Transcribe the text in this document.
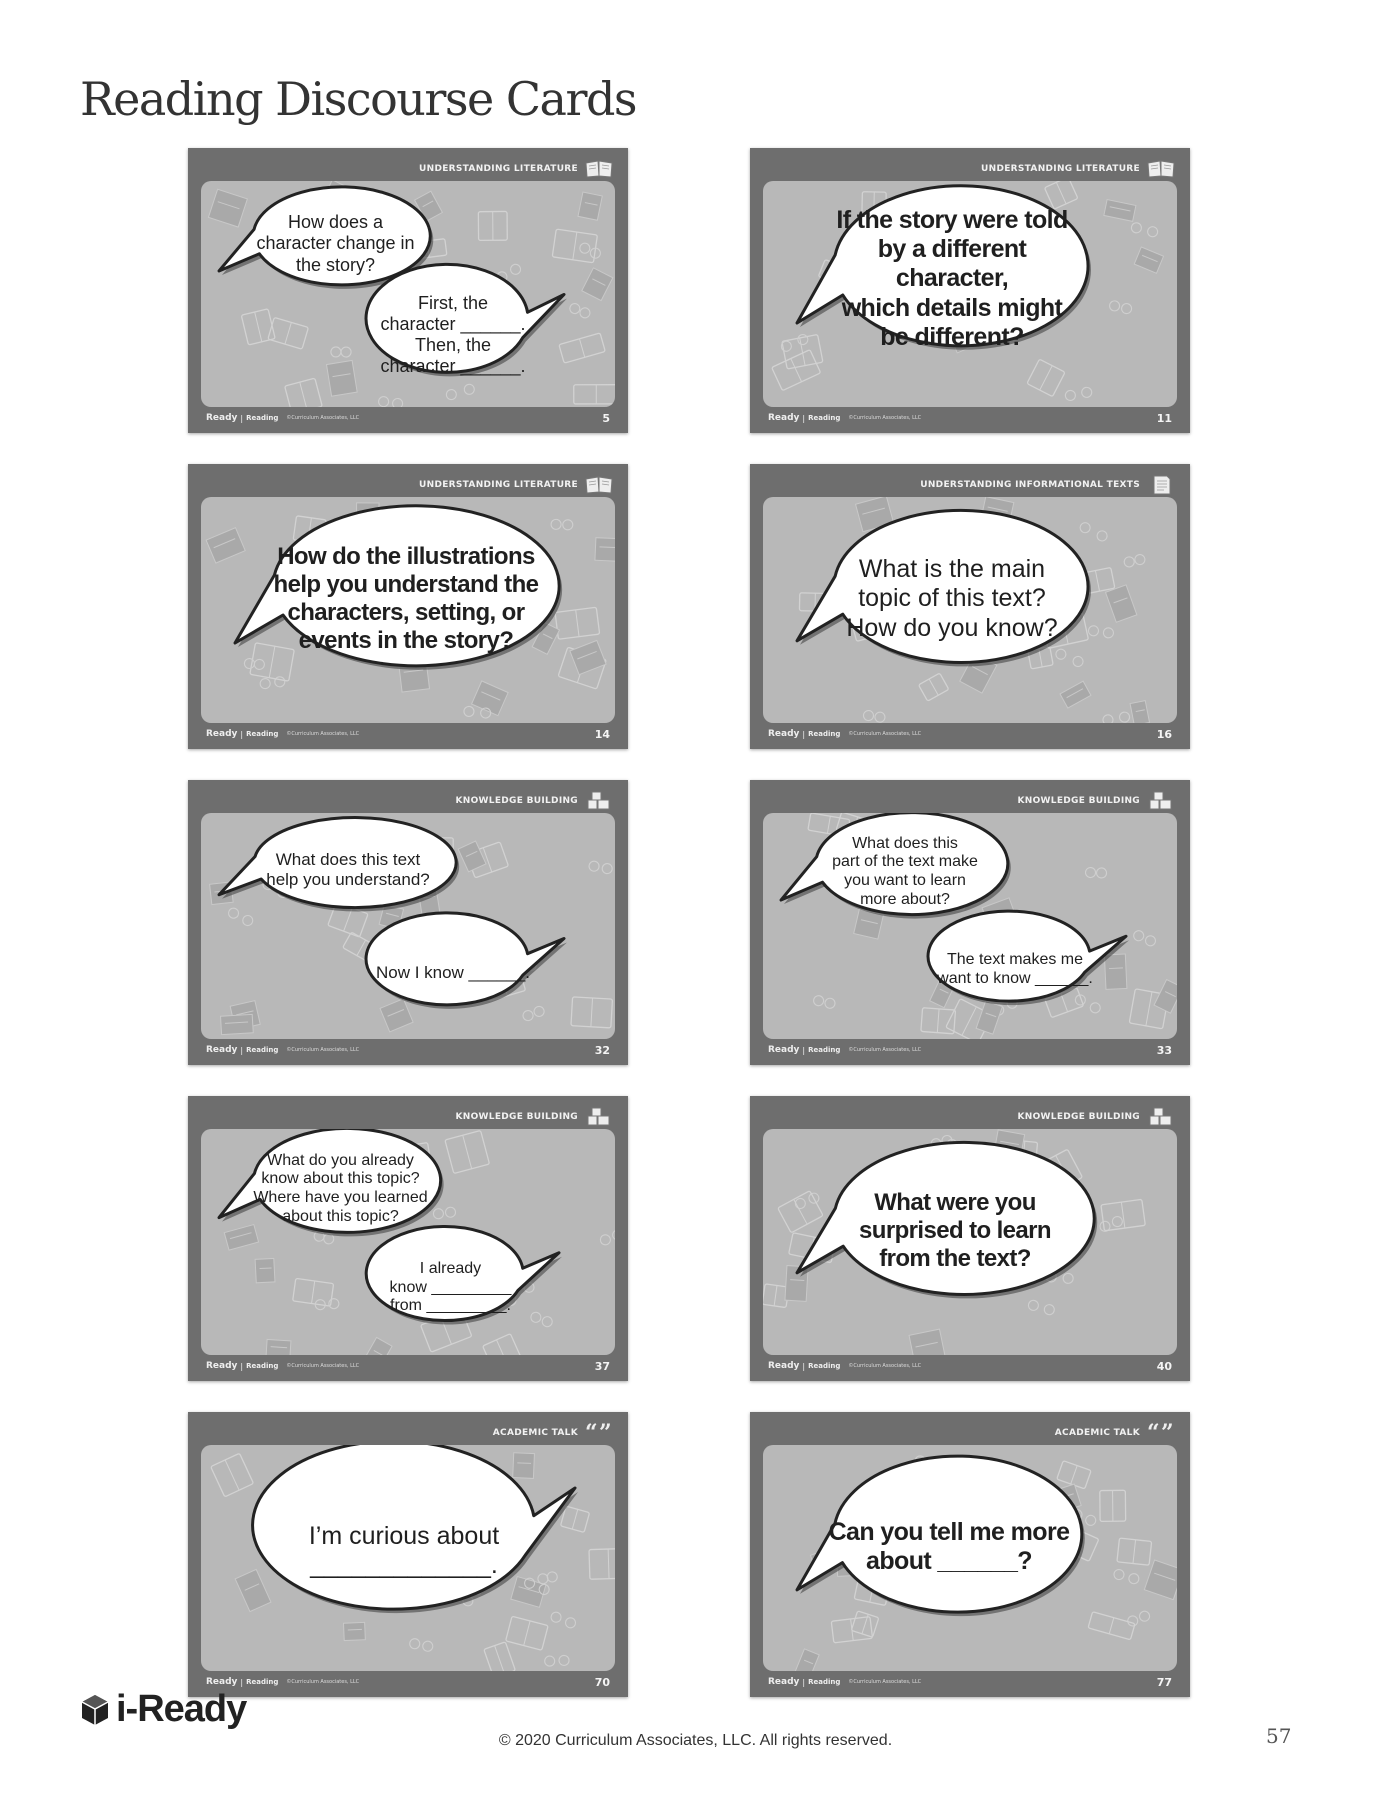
Reading Discourse Cards
UNDERSTANDING LITERATURE
How does a
character change in
the story?
First, the
character ______.
Then, the
character ______.
Ready | Reading ©Curriculum Associates, LLC	5
UNDERSTANDING LITERATURE
If the story were told
by a different character,
which details might
be different?
Ready | Reading ©Curriculum Associates, LLC	11
UNDERSTANDING LITERATURE
How do the illustrations
help you understand the
characters, setting, or
events in the story?
Ready | Reading ©Curriculum Associates, LLC	14
UNDERSTANDING INFORMATIONAL TEXTS
What is the main
topic of this text?
How do you know?
Ready | Reading ©Curriculum Associates, LLC	16
KNOWLEDGE BUILDING
What does this text
help you understand?
Now I know ______.
Ready | Reading ©Curriculum Associates, LLC	32
KNOWLEDGE BUILDING
What does this
part of the text make
you want to learn
more about?
The text makes me
want to know ______.
Ready | Reading ©Curriculum Associates, LLC	33
KNOWLEDGE BUILDING
What do you already
know about this topic?
Where have you learned
about this topic?
I already
know _________
from _________.
Ready | Reading ©Curriculum Associates, LLC	37
KNOWLEDGE BUILDING
What were you
surprised to learn
from the text?
Ready | Reading ©Curriculum Associates, LLC	40
ACADEMIC TALK “ ”
I’m curious about
_____________.
Ready | Reading ©Curriculum Associates, LLC	70
ACADEMIC TALK “ ”
Can you tell me more
about ______?
Ready | Reading ©Curriculum Associates, LLC	77
i-Ready
© 2020 Curriculum Associates, LLC. All rights reserved.	57
